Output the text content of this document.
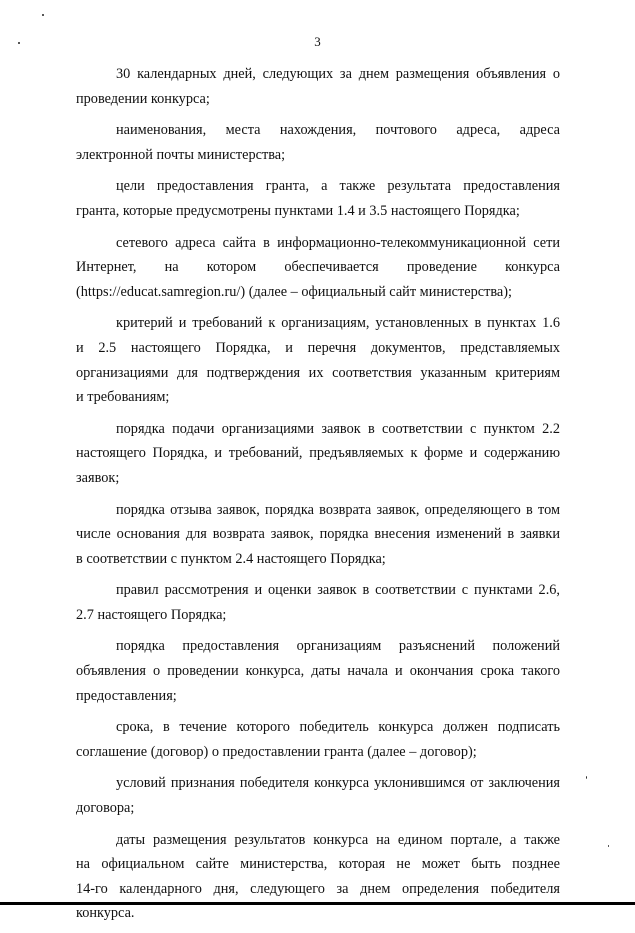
3
30 календарных дней, следующих за днем размещения объявления о
проведении конкурса;
наименования, места нахождения, почтового адреса, адреса
электронной почты министерства;
цели предоставления гранта, а также результата предоставления
гранта, которые предусмотрены пунктами 1.4 и 3.5 настоящего Порядка;
сетевого адреса сайта в информационно-телекоммуникационной сети
Интернет, на котором обеспечивается проведение конкурса
(https://educat.samregion.ru/) (далее – официальный сайт министерства);
критерий и требований к организациям, установленных в пунктах 1.6
и 2.5 настоящего Порядка, и перечня документов, представляемых
организациями для подтверждения их соответствия указанным критериям
и требованиям;
порядка подачи организациями заявок в соответствии с пунктом 2.2
настоящего Порядка, и требований, предъявляемых к форме и содержанию
заявок;
порядка отзыва заявок, порядка возврата заявок, определяющего в том
числе основания для возврата заявок, порядка внесения изменений в заявки
в соответствии с пунктом 2.4 настоящего Порядка;
правил рассмотрения и оценки заявок в соответствии с пунктами 2.6,
2.7 настоящего Порядка;
порядка предоставления организациям разъяснений положений
объявления о проведении конкурса, даты начала и окончания срока такого
предоставления;
срока, в течение которого победитель конкурса должен подписать
соглашение (договор) о предоставлении гранта (далее – договор);
условий признания победителя конкурса уклонившимся от заключения
договора;
даты размещения результатов конкурса на едином портале, а также
на официальном сайте министерства, которая не может быть позднее
14-го календарного дня, следующего за днем определения победителя
конкурса.
